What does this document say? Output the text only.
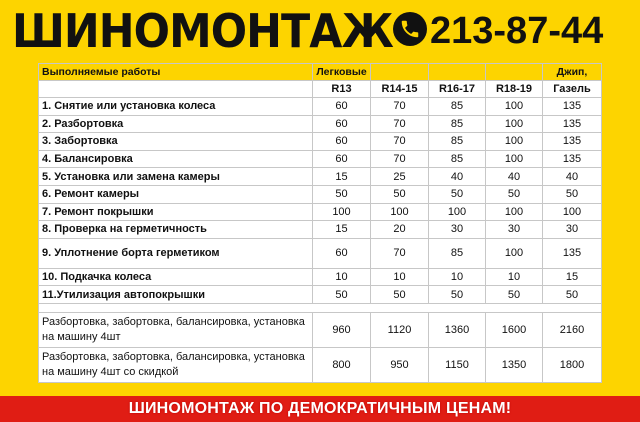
ШИНОМОНТАЖ 213-87-44
Выполняемые работы	Легковые				Джип,
	R13	R14-15	R16-17	R18-19	Газель
1. Снятие или установка колеса	60	70	85	100	135
2. Разбортовка	60	70	85	100	135
3. Забортовка	60	70	85	100	135
4. Балансировка	60	70	85	100	135
5. Установка или замена камеры	15	25	40	40	40
6. Ремонт камеры	50	50	50	50	50
7. Ремонт покрышки	100	100	100	100	100
8. Проверка на герметичность	15	20	30	30	30
9. Уплотнение борта герметиком	60	70	85	100	135
10. Подкачка колеса	10	10	10	10	15
11.Утилизация автопокрышки	50	50	50	50	50

Разбортовка, забортовка, балансировка, установка на машину 4шт	960	1120	1360	1600	2160
Разбортовка, забортовка, балансировка, установка на машину 4шт со скидкой	800	950	1150	1350	1800
ШИНОМОНТАЖ ПО ДЕМОКРАТИЧНЫМ ЦЕНАМ!
